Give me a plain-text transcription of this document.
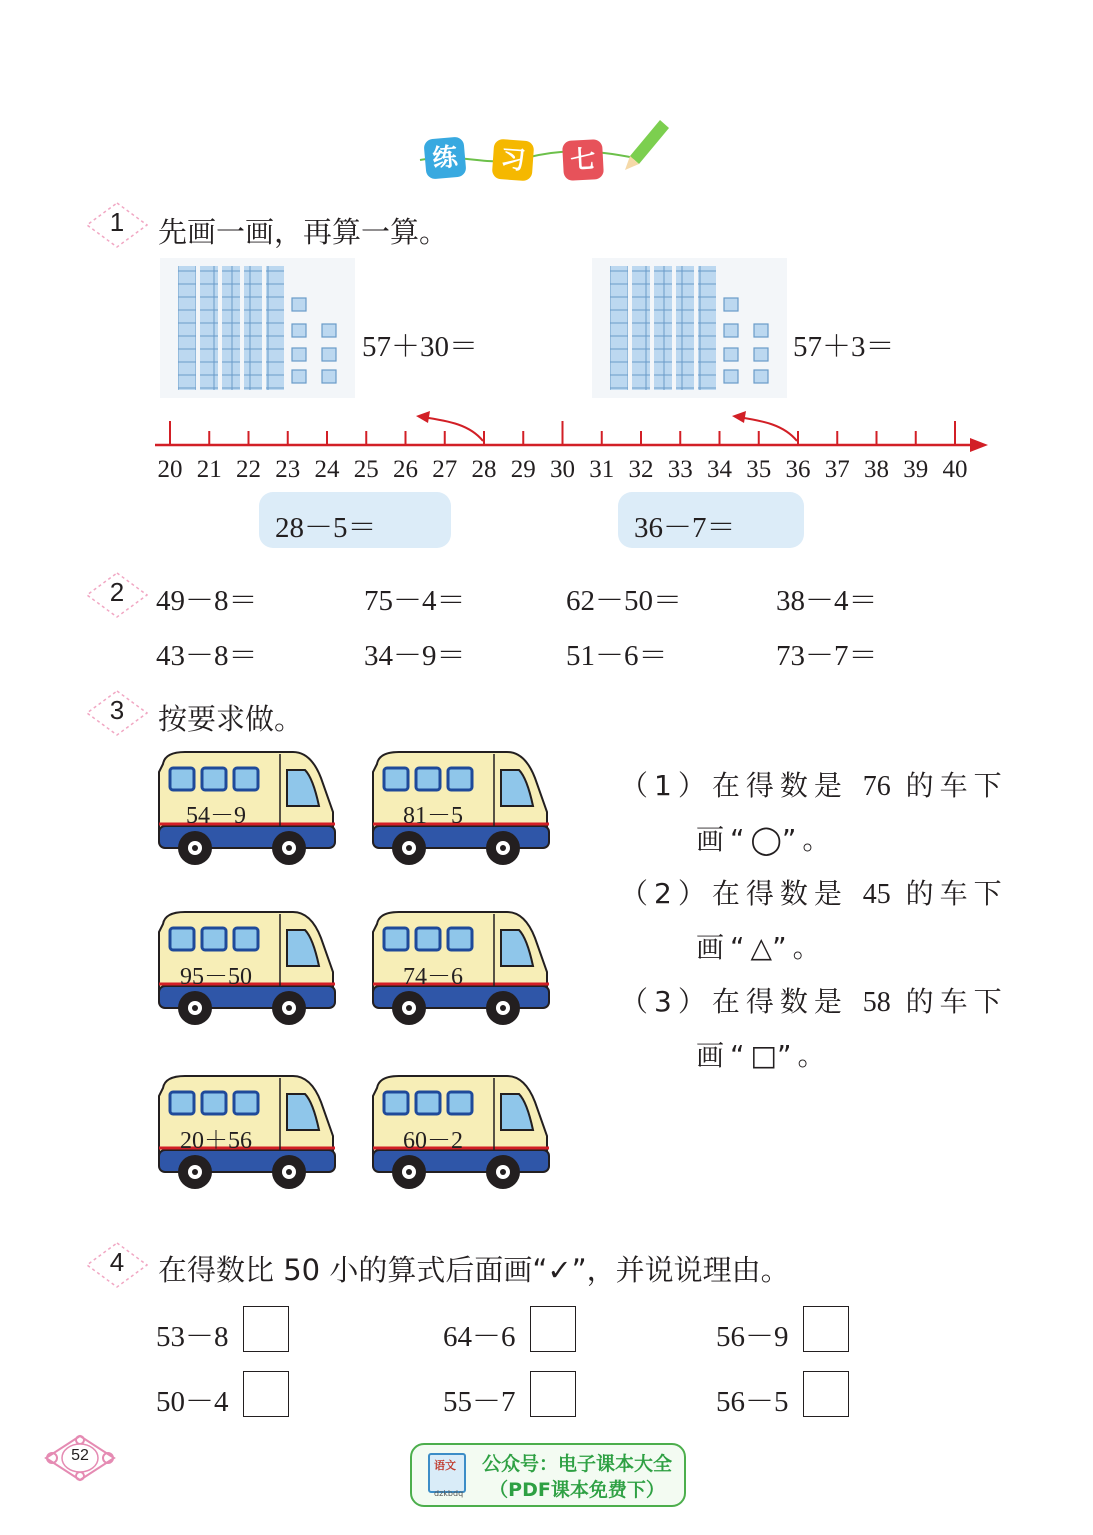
练	习	七
1	先画一画，再算一算。
57＋30＝	57＋3＝
20 21 22 23 24 25 26 27 28 29 30 31 32 33 34 35 36 37 38 39 40
28－5＝	36－7＝
2	49－8＝	75－4＝	62－50＝	38－4＝
43－8＝	34－9＝	51－6＝	73－7＝
3	按要求做。
54－9	81－5
95－50	74－6
20＋56	60－2
（1）在得数是 76 的车下
画“◯”。
（2）在得数是 45 的车下
画“△”。
（3）在得数是 58 的车下
画“□”。
4	在得数比 50 小的算式后面画“✓”，并说说理由。
53－8	64－6	56－9
50－4	55－7	56－5
52
语文
dzkbdq
公众号：电子课本大全
（PDF课本免费下）
